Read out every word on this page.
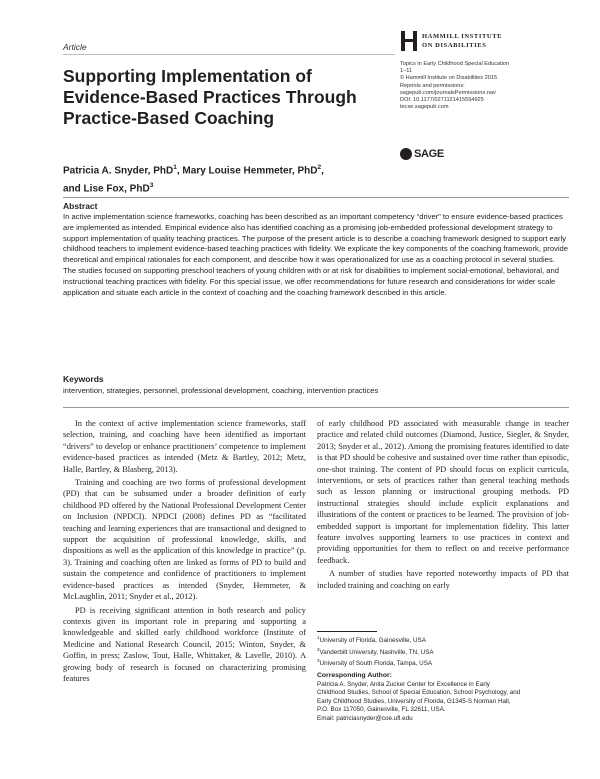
Article
HAMMILL INSTITUTE
ON DISABILITIES
Topics in Early Childhood Special Education
1–11
© Hammill Institute on Disabilities 2015
Reprints and permissions:
sagepub.com/journalsPermissions.nav
DOI: 10.1177/0271121415594925
tecse.sagepub.com
SAGE
Supporting Implementation of Evidence-Based Practices Through Practice-Based Coaching
Patricia A. Snyder, PhD$^1$, Mary Louise Hemmeter, PhD$^2$,
and Lise Fox, PhD$^3$
Abstract

In active implementation science frameworks, coaching has been described as an important competency “driver” to ensure evidence-based practices are implemented as intended. Empirical evidence also has identified coaching as a promising job-embedded professional development strategy to support implementation of quality teaching practices. The purpose of the present article is to describe a coaching framework designed to support early childhood teachers to implement evidence-based teaching practices with fidelity. We explicate the key components of the coaching framework, provide theoretical and empirical rationales for each component, and describe how it was operationalized for use as a coaching protocol in several studies. The studies focused on supporting preschool teachers of young children with or at risk for disabilities to implement social-emotional, behavioral, and instructional teaching practices with fidelity. For this special issue, we offer recommendations for future research and considerations for wider scale application and situate each article in the context of coaching and the coaching framework described in this article.

Keywords

intervention, strategies, personnel, professional development, coaching, intervention practices

In the context of active implementation science frameworks, staff selection, training, and coaching have been identified as important “drivers” to develop or enhance practitioners’ competence to implement evidence-based practices as intended (Metz & Bartley, 2012; Metz, Halle, Bartley, & Blasberg, 2013).

Training and coaching are two forms of professional development (PD) that can be subsumed under a broader definition of early childhood PD offered by the National Professional Development Center on Inclusion (NPDCI). NPDCI (2008) defines PD as “facilitated teaching and learning experiences that are transactional and designed to support the acquisition of professional knowledge, skills, and dispositions as well as the application of this knowledge in practice” (p. 3). Training and coaching often are linked as forms of PD to build and sustain the competence and confidence of practitioners to implement evidence-based practices as intended (Snyder, Hemmeter, & McLaughlin, 2011; Snyder et al., 2012).

PD is receiving significant attention in both research and policy contexts given its important role in preparing and supporting a knowledgeable and skilled early childhood workforce (Institute of Medicine and National Research Council, 2015; Winton, Snyder, & Goffin, in press; Zaslow, Tout, Halle, Whittaker, & Lavelle, 2010). A growing body of research is focused on characterizing promising features

of early childhood PD associated with measurable change in teacher practice and related child outcomes (Diamond, Justice, Siegler, & Snyder, 2013; Snyder et al., 2012). Among the promising features identified to date is that PD should be cohesive and sustained over time rather than episodic, one-shot training. The content of PD should focus on explicit curricula, interventions, or sets of practices rather than general teaching methods such as lesson planning or instructional grouping methods. PD instructional strategies should include explicit explanations and illustrations of the content or practices to be learned. The provision of job-embedded support is important for implementation fidelity. This latter feature involves supporting learners to use practices in context and providing opportunities for them to reflect on and receive performance feedback.

A number of studies have reported noteworthy impacts of PD that included training and coaching on early

$^1$University of Florida, Gainesville, USA
$^2$Vanderbilt University, Nashville, TN, USA
$^3$University of South Florida, Tampa, USA
Corresponding Author:
Patricia A. Snyder, Anita Zucker Center for Excellence in Early
Childhood Studies, School of Special Education, School Psychology, and
Early Childhood Studies, University of Florida, G1345-S Norman Hall,
P.O. Box 117050, Gainesville, FL 32611, USA.
Email: patriciasnyder@coe.ufl.edu
